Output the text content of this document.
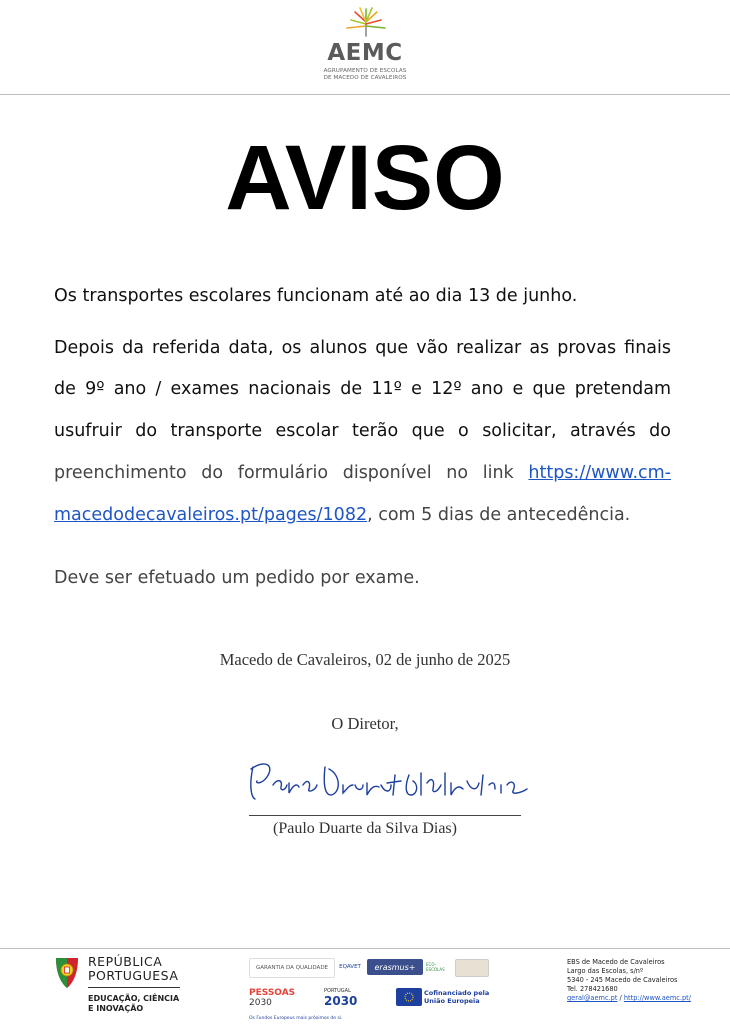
AEMC
AGRUPAMENTO DE ESCOLAS
DE MACEDO DE CAVALEIROS
AVISO
Os transportes escolares funcionam até ao dia 13 de junho.
Depois da referida data, os alunos que vão realizar as provas finais
de 9º ano / exames nacionais de 11º e 12º ano e que pretendam
usufruir do transporte escolar terão que o solicitar, através do
preenchimento do formulário disponível no link https://www.cm-
macedodecavaleiros.pt/pages/1082, com 5 dias de antecedência.
Deve ser efetuado um pedido por exame.
Macedo de Cavaleiros, 02 de junho de 2025
O Diretor,
(Paulo Duarte da Silva Dias)
REPÚBLICA
PORTUGUESA
EDUCAÇÃO, CIÊNCIA
E INOVAÇÃO
GARANTIA DA QUALIDADE	EQAVET	erasmus+	ECO-ESCOLAS
PESSOAS
2030
PORTUGAL
2030
Cofinanciado pela
União Europeia
Os Fundos Europeus mais próximos de si.
EBS de Macedo de Cavaleiros
Largo das Escolas, s/nº
5340 - 245 Macedo de Cavaleiros
Tel. 278421680
geral@aemc.pt / http://www.aemc.pt/
